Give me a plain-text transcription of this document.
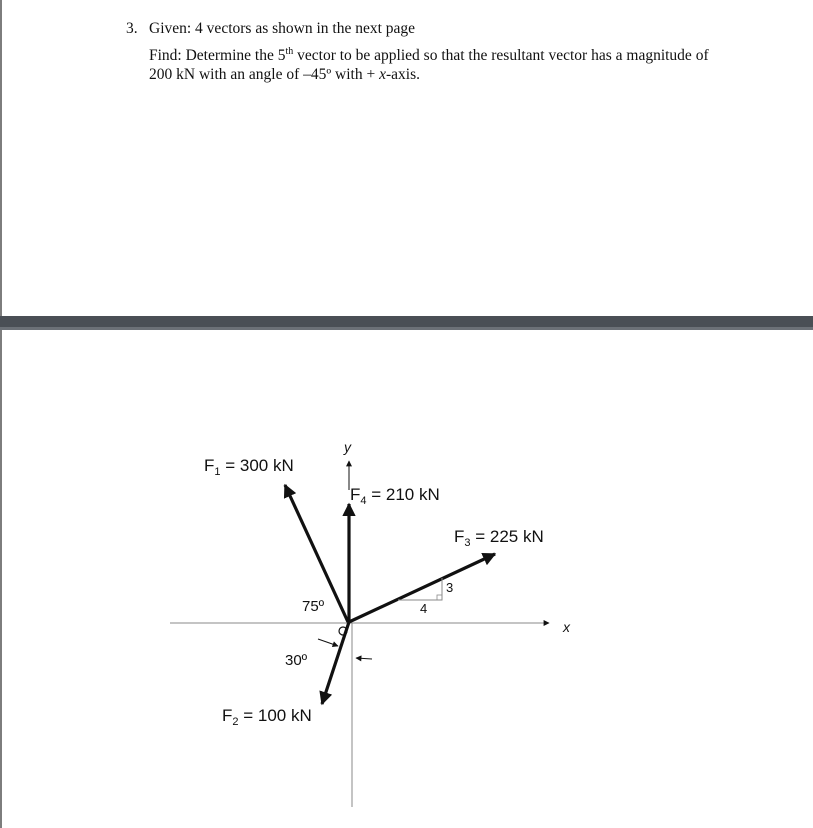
3. Given: 4 vectors as shown in the next page
Find: Determine the 5th vector to be applied so that the resultant vector has a magnitude of 200 kN with an angle of –45º with + x-axis.
y
x
3
4
$F_1 = 300$ kN
$F_4 = 210$ kN
$F_3 = 225$ kN
$F_2 = 100$ kN
75º
30º
